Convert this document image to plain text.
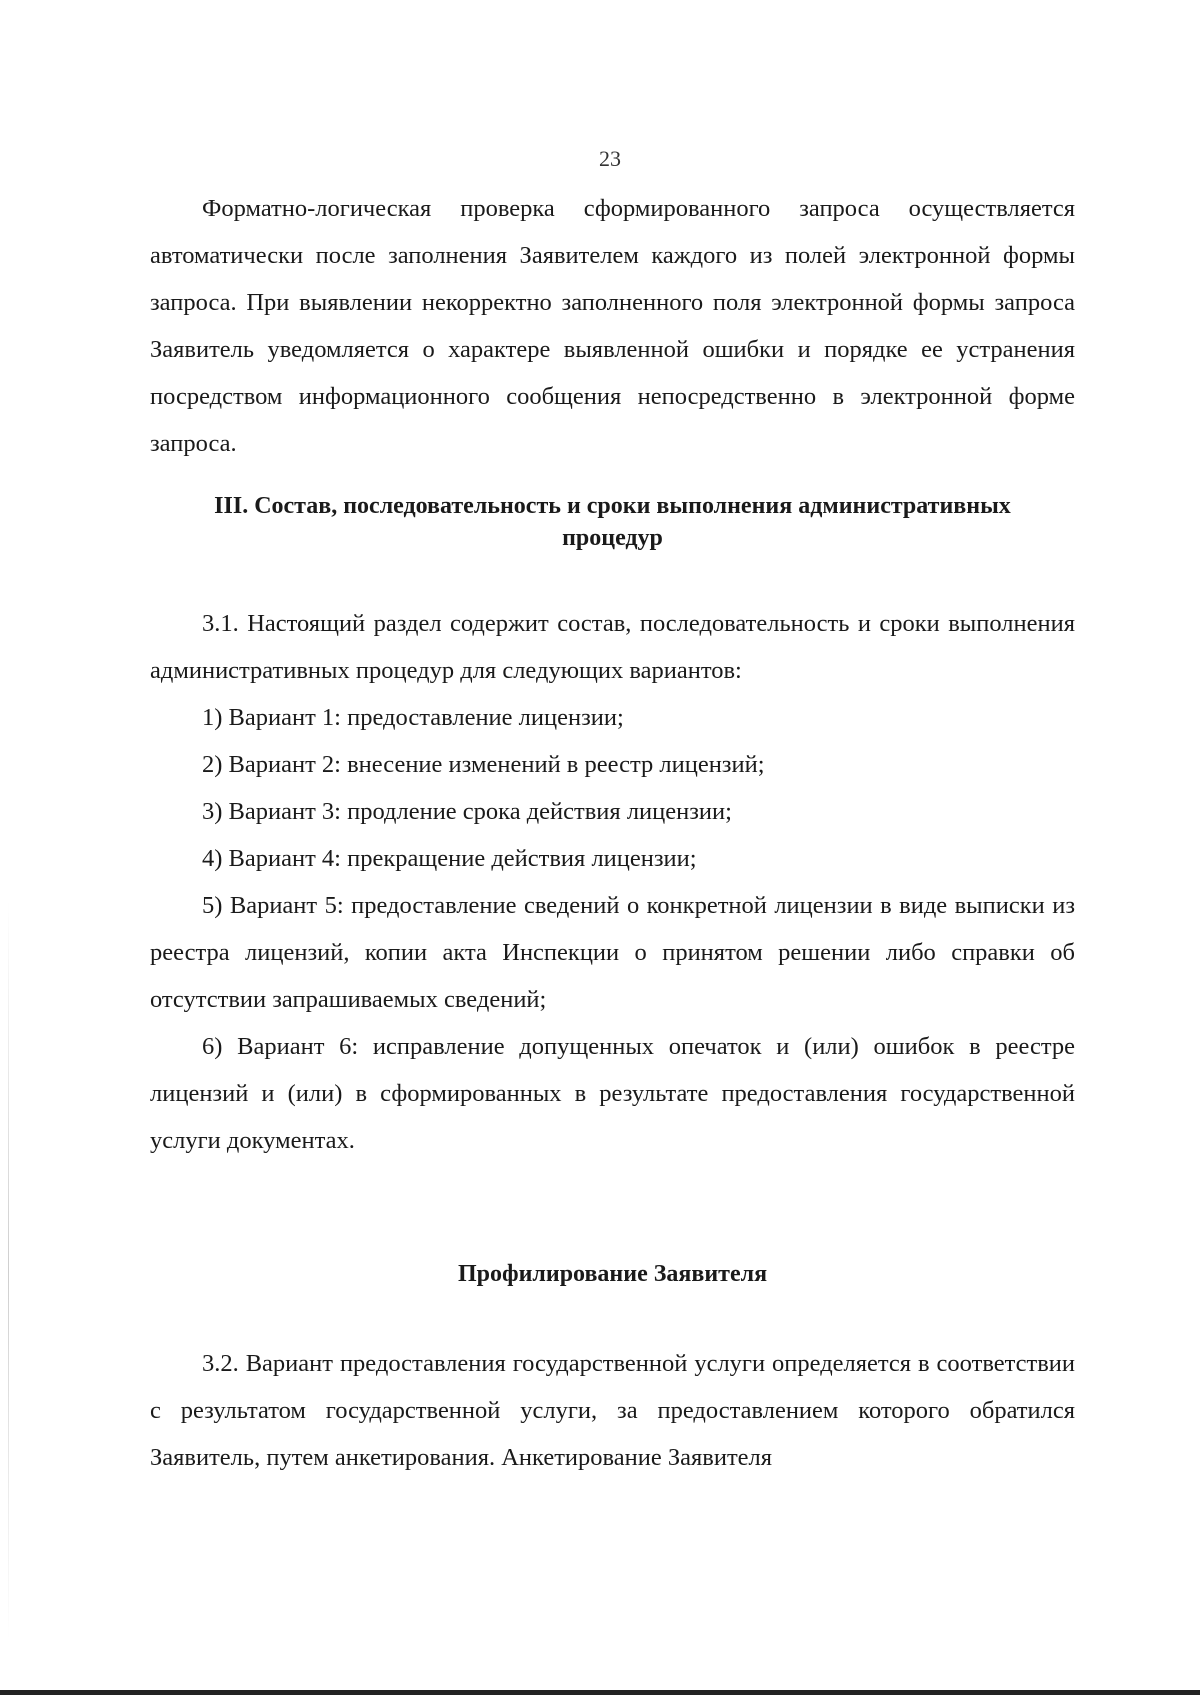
23

Форматно-логическая проверка сформированного запроса осуществляется автоматически после заполнения Заявителем каждого из полей электронной формы запроса. При выявлении некорректно заполненного поля электронной формы запроса Заявитель уведомляется о характере выявленной ошибки и порядке ее устранения посредством информационного сообщения непосредственно в электронной форме запроса.

III. Состав, последовательность и сроки выполнения административных

процедур

3.1. Настоящий раздел содержит состав, последовательность и сроки выполнения административных процедур для следующих вариантов:

1) Вариант 1: предоставление лицензии;

2) Вариант 2: внесение изменений в реестр лицензий;

3) Вариант 3: продление срока действия лицензии;

4) Вариант 4: прекращение действия лицензии;

5) Вариант 5: предоставление сведений о конкретной лицензии в виде выписки из реестра лицензий, копии акта Инспекции о принятом решении либо справки об отсутствии запрашиваемых сведений;

6) Вариант 6: исправление допущенных опечаток и (или) ошибок в реестре лицензий и (или) в сформированных в результате предоставления государственной услуги документах.

Профилирование Заявителя

3.2. Вариант предоставления государственной услуги определяется в соответствии с результатом государственной услуги, за предоставлением которого обратился Заявитель, путем анкетирования. Анкетирование Заявителя
